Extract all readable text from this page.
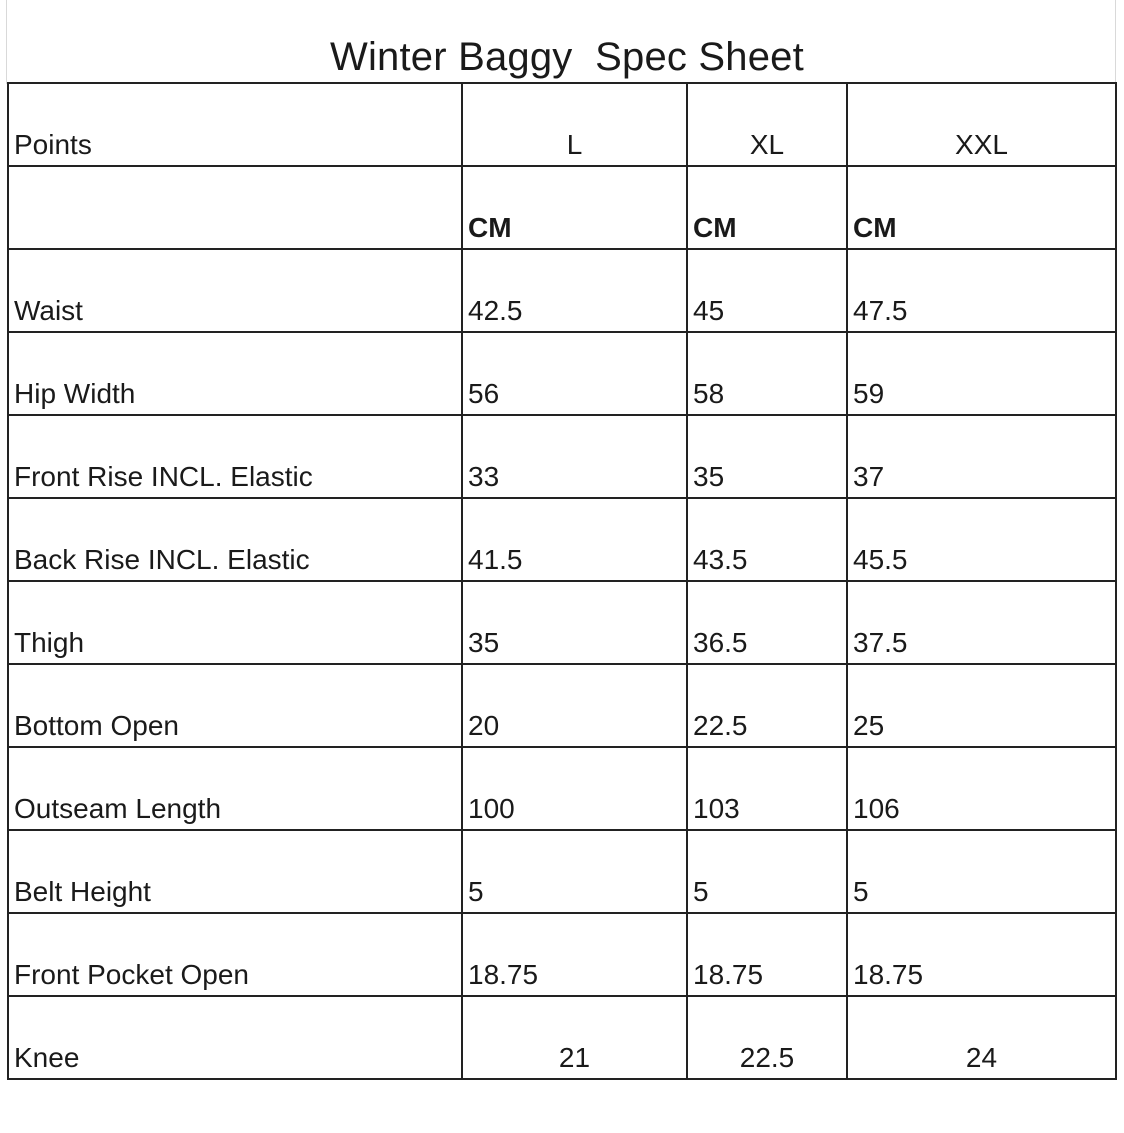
Winter Baggy  Spec Sheet
Points	L	XL	XXL
	CM	CM	CM
Waist	42.5	45	47.5
Hip Width	56	58	59
Front Rise INCL. Elastic	33	35	37
Back Rise INCL. Elastic	41.5	43.5	45.5
Thigh	35	36.5	37.5
Bottom Open	20	22.5	25
Outseam Length	100	103	106
Belt Height	5	5	5
Front Pocket Open	18.75	18.75	18.75
Knee	21	22.5	24
